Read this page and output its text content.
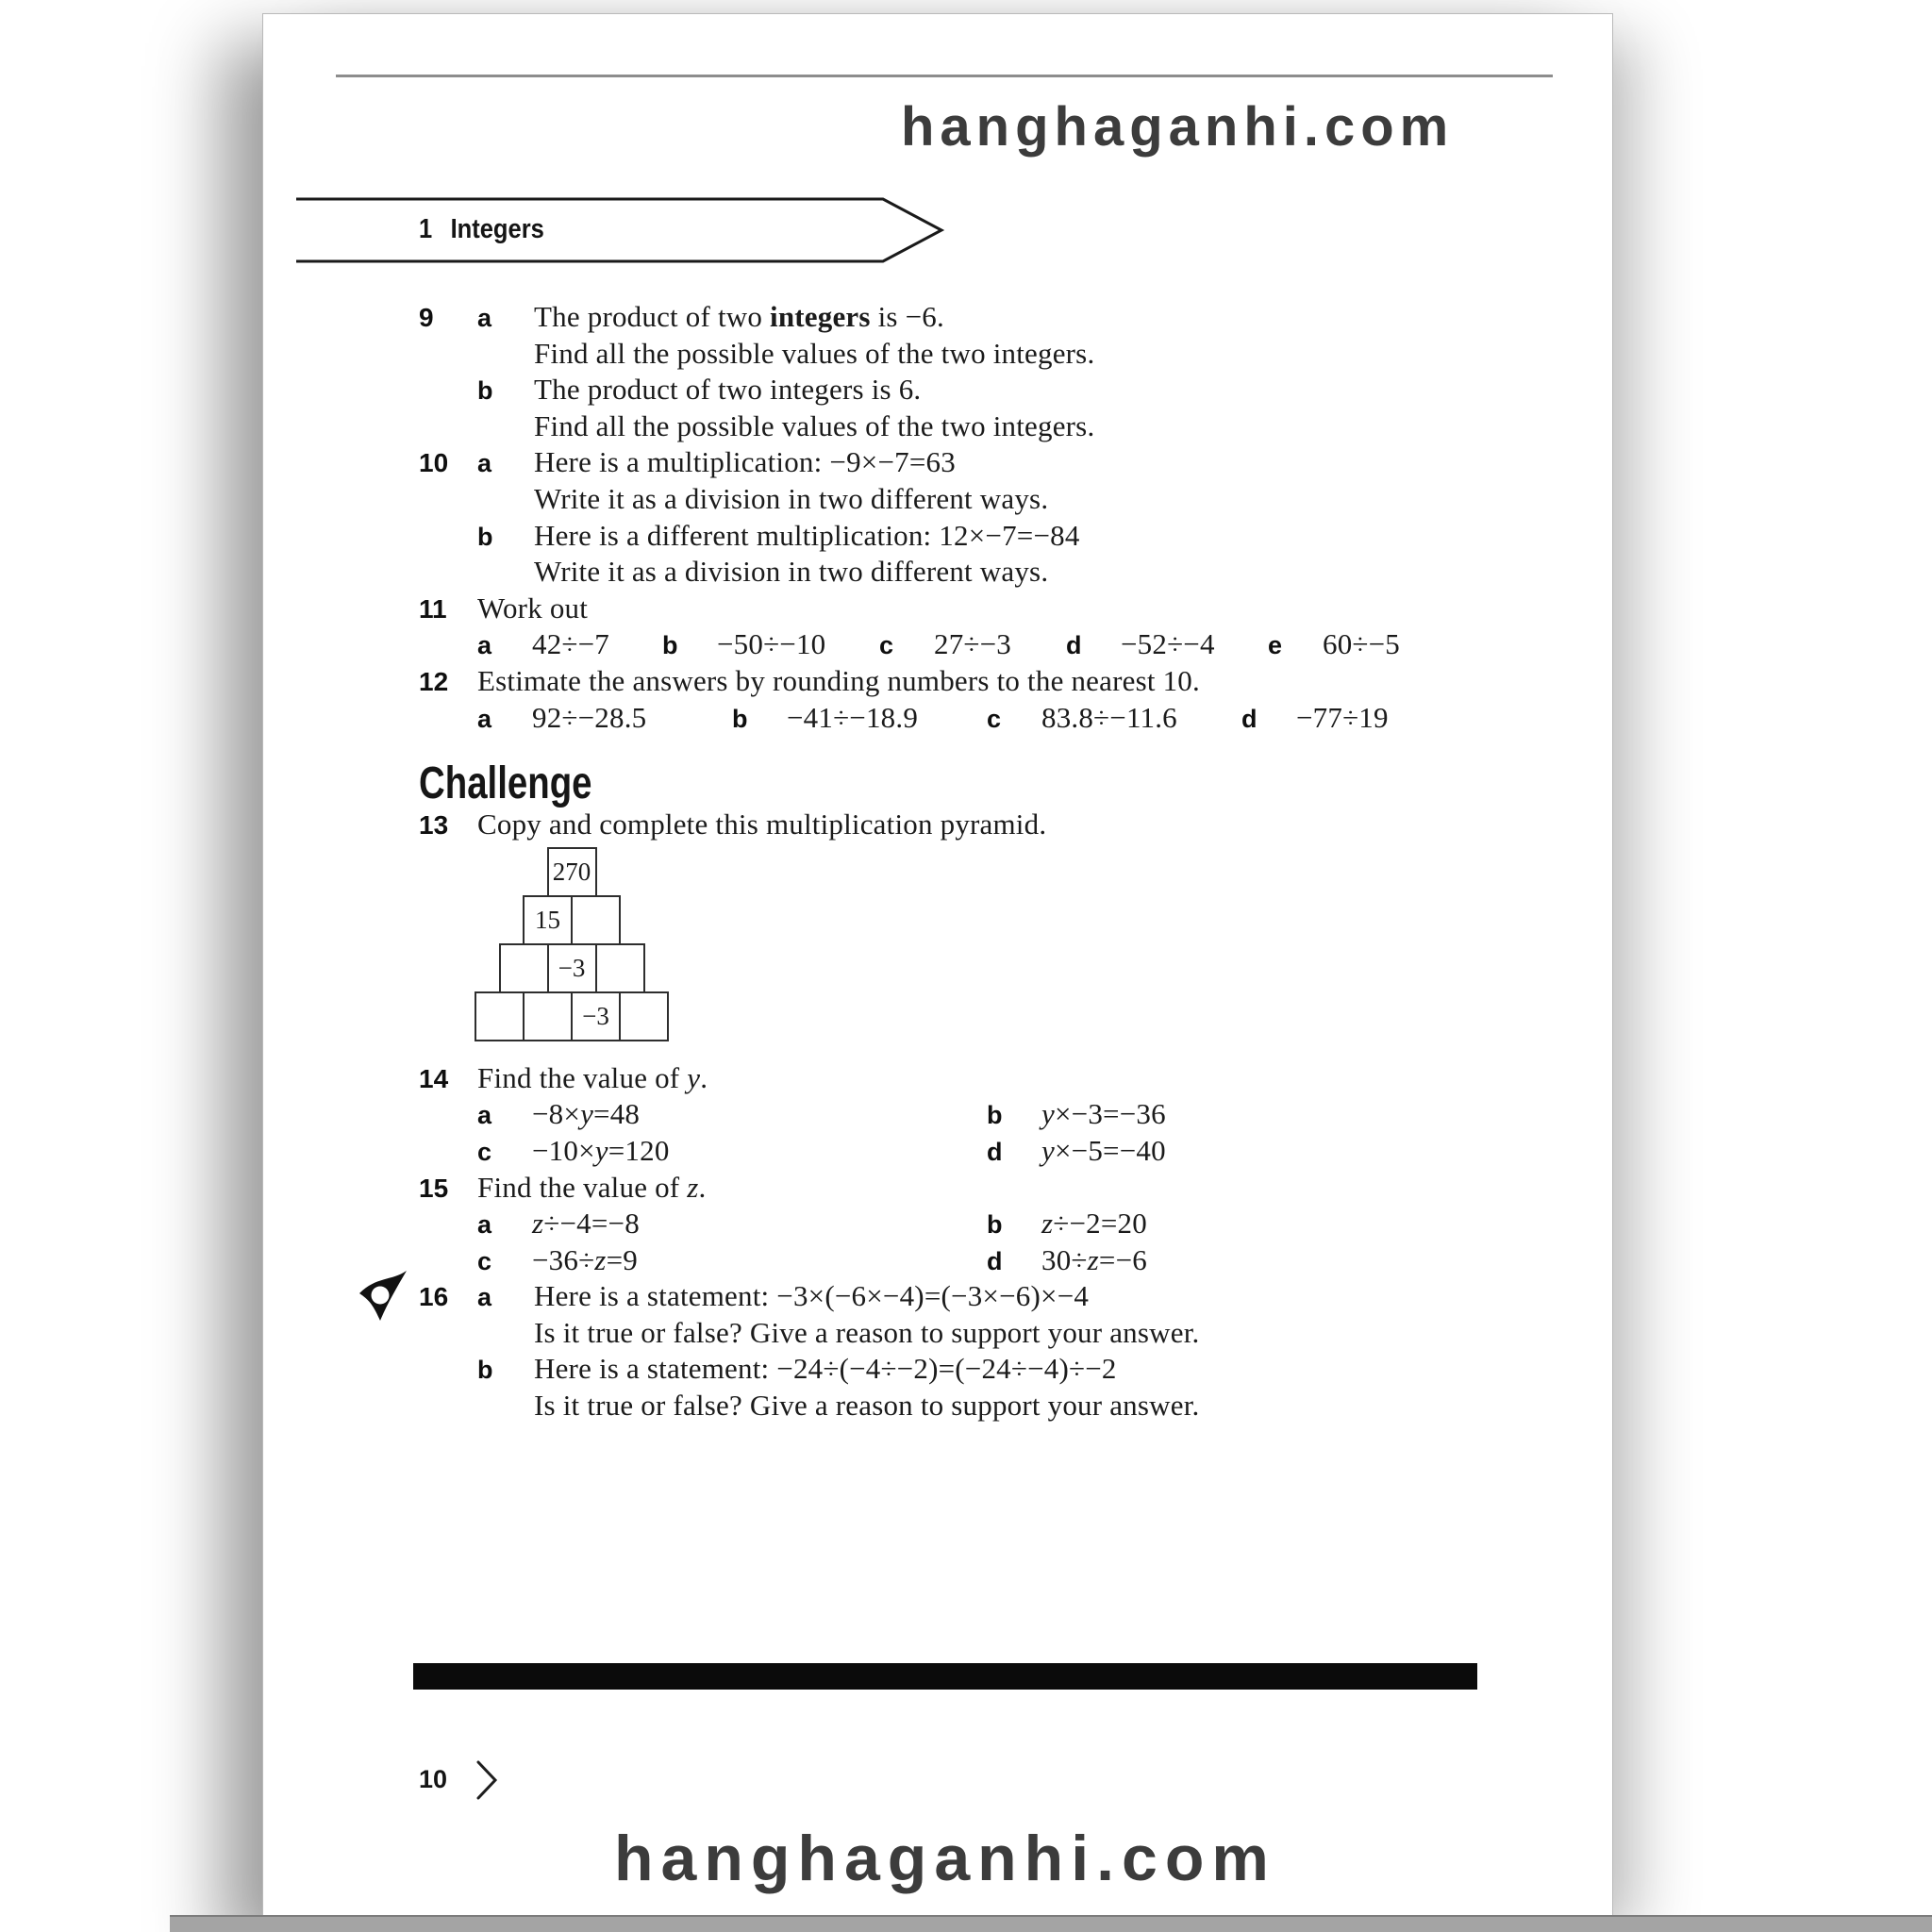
hanghaganhi.com
1 Integers
9	a	The product of two integers is −6.
Find all the possible values of the two integers.
b	The product of two integers is 6.
Find all the possible values of the two integers.
10	a	Here is a multiplication: −9×−7=63
Write it as a division in two different ways.
b	Here is a different multiplication: 12×−7=−84
Write it as a division in two different ways.
11	Work out
a	42÷−7 b	−50÷−10 c	27÷−3 d	−52÷−4 e	60÷−5
12 Estimate the answers by rounding numbers to the nearest 10.
a	92÷−28.5	b	−41÷−18.9	c	83.8÷−11.6	d	−77÷19
Challenge
13 Copy and complete this multiplication pyramid.
270
15
−3
−3
14 Find the value of y.
a	−8×y=48	b	y×−3=−36
c	−10×y=120	d	y×−5=−40
15 Find the value of z.
a	z÷−4=−8	b	z÷−2=20
c	−36÷z=9	d	30÷z=−6
16	a	Here is a statement: −3×(−6×−4)=(−3×−6)×−4
Is it true or false? Give a reason to support your answer.
b	Here is a statement: −24÷(−4÷−2)=(−24÷−4)÷−2
Is it true or false? Give a reason to support your answer.
10
hanghaganhi.com
